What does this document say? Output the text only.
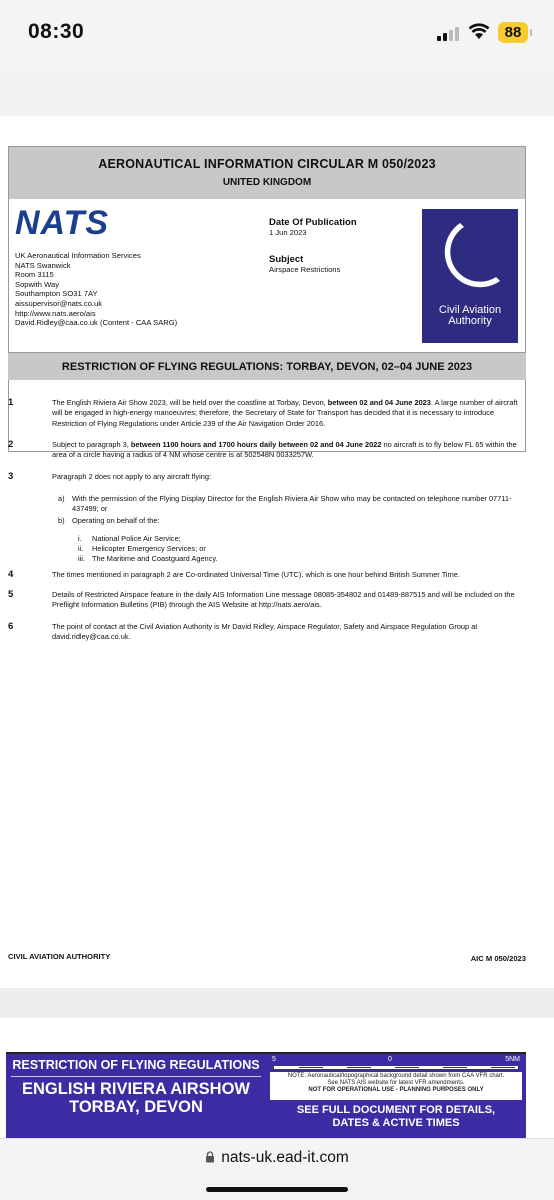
08:30	88
AERONAUTICAL INFORMATION CIRCULAR M 050/2023
UNITED KINGDOM
NATS
UK Aeronautical Information Services
NATS Swanwick
Room 3115
Sopwith Way
Southampton SO31 7AY
aissupervisor@nats.co.uk
http://www.nats.aero/ais
David.Ridley@caa.co.uk (Content - CAA SARG)
Date Of Publication
1 Jun 2023
Subject
Airspace Restrictions
Civil Aviation
Authority
RESTRICTION OF FLYING REGULATIONS: TORBAY, DEVON, 02–04 JUNE 2023
1	The English Riviera Air Show 2023, will be held over the coastline at Torbay, Devon, between 02 and 04 June 2023. A large number of aircraft will be engaged in high-energy manoeuvres; therefore, the Secretary of State for Transport has decided that it is necessary to introduce Restriction of Flying Regulations under Article 239 of the Air Navigation Order 2016.
2	Subject to paragraph 3, between 1100 hours and 1700 hours daily between 02 and 04 June 2022 no aircraft is to fly below FL 65 within the area of a circle having a radius of 4 NM whose centre is at 502548N 0033257W.
3	Paragraph 2 does not apply to any aircraft flying:
a) With the permission of the Flying Display Director for the English Riviera Air Show who may be contacted on telephone number 07711-437499; or
b) Operating on behalf of the:
i. National Police Air Service;
ii. Helicopter Emergency Services; or
iii. The Maritime and Coastguard Agency.
4	The times mentioned in paragraph 2 are Co-ordinated Universal Time (UTC), which is one hour behind British Summer Time.
5	Details of Restricted Airspace feature in the daily AIS Information Line message 08085-354802 and 01489-887515 and will be included on the Preflight Information Bulletins (PIB) through the AIS Website at http://nats.aero/ais.
6	The point of contact at the Civil Aviation Authority is Mr David Ridley, Airspace Regulator, Safety and Airspace Regulation Group at david.ridley@caa.co.uk.
CIVIL AVIATION AUTHORITY	AIC M 050/2023
RESTRICTION OF FLYING REGULATIONS
ENGLISH RIVIERA AIRSHOW
TORBAY, DEVON
5	0	5NM
NOTE: Aeronautical/topographical background detail shown from CAA VFR chart.
See NATS AIS website for latest VFR amendments.
NOT FOR OPERATIONAL USE - PLANNING PURPOSES ONLY
SEE FULL DOCUMENT FOR DETAILS,
DATES & ACTIVE TIMES
nats-uk.ead-it.com
